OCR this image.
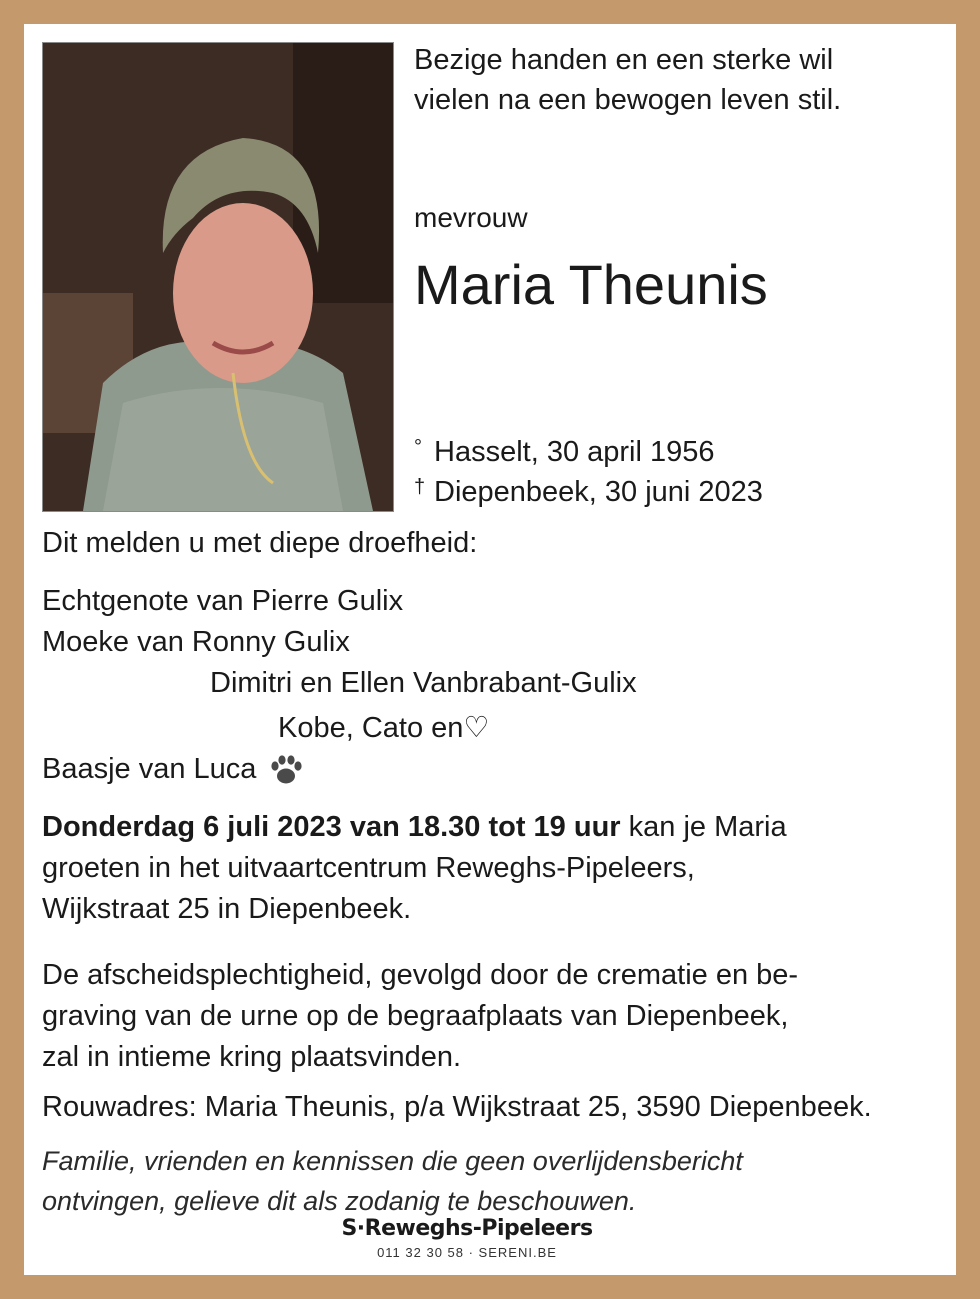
Bezige handen en een sterke wil
vielen na een bewogen leven stil.
mevrouw
Maria Theunis
° Hasselt, 30 april 1956
† Diepenbeek, 30 juni 2023
Dit melden u met diepe droefheid:
Echtgenote van Pierre Gulix
Moeke van Ronny Gulix
Dimitri en Ellen Vanbrabant-Gulix
Kobe, Cato en♡
Baasje van Luca
Donderdag 6 juli 2023 van 18.30 tot 19 uur kan je Maria
groeten in het uitvaartcentrum Reweghs-Pipeleers,
Wijkstraat 25 in Diepenbeek.
De afscheidsplechtigheid, gevolgd door de crematie en be-
graving van de urne op de begraafplaats van Diepenbeek,
zal in intieme kring plaatsvinden.
Rouwadres: Maria Theunis, p/a Wijkstraat 25, 3590 Diepenbeek.
Familie, vrienden en kennissen die geen overlijdensbericht
ontvingen, gelieve dit als zodanig te beschouwen.
S·Reweghs-Pipeleers
011 32 30 58 · SERENI.BE
